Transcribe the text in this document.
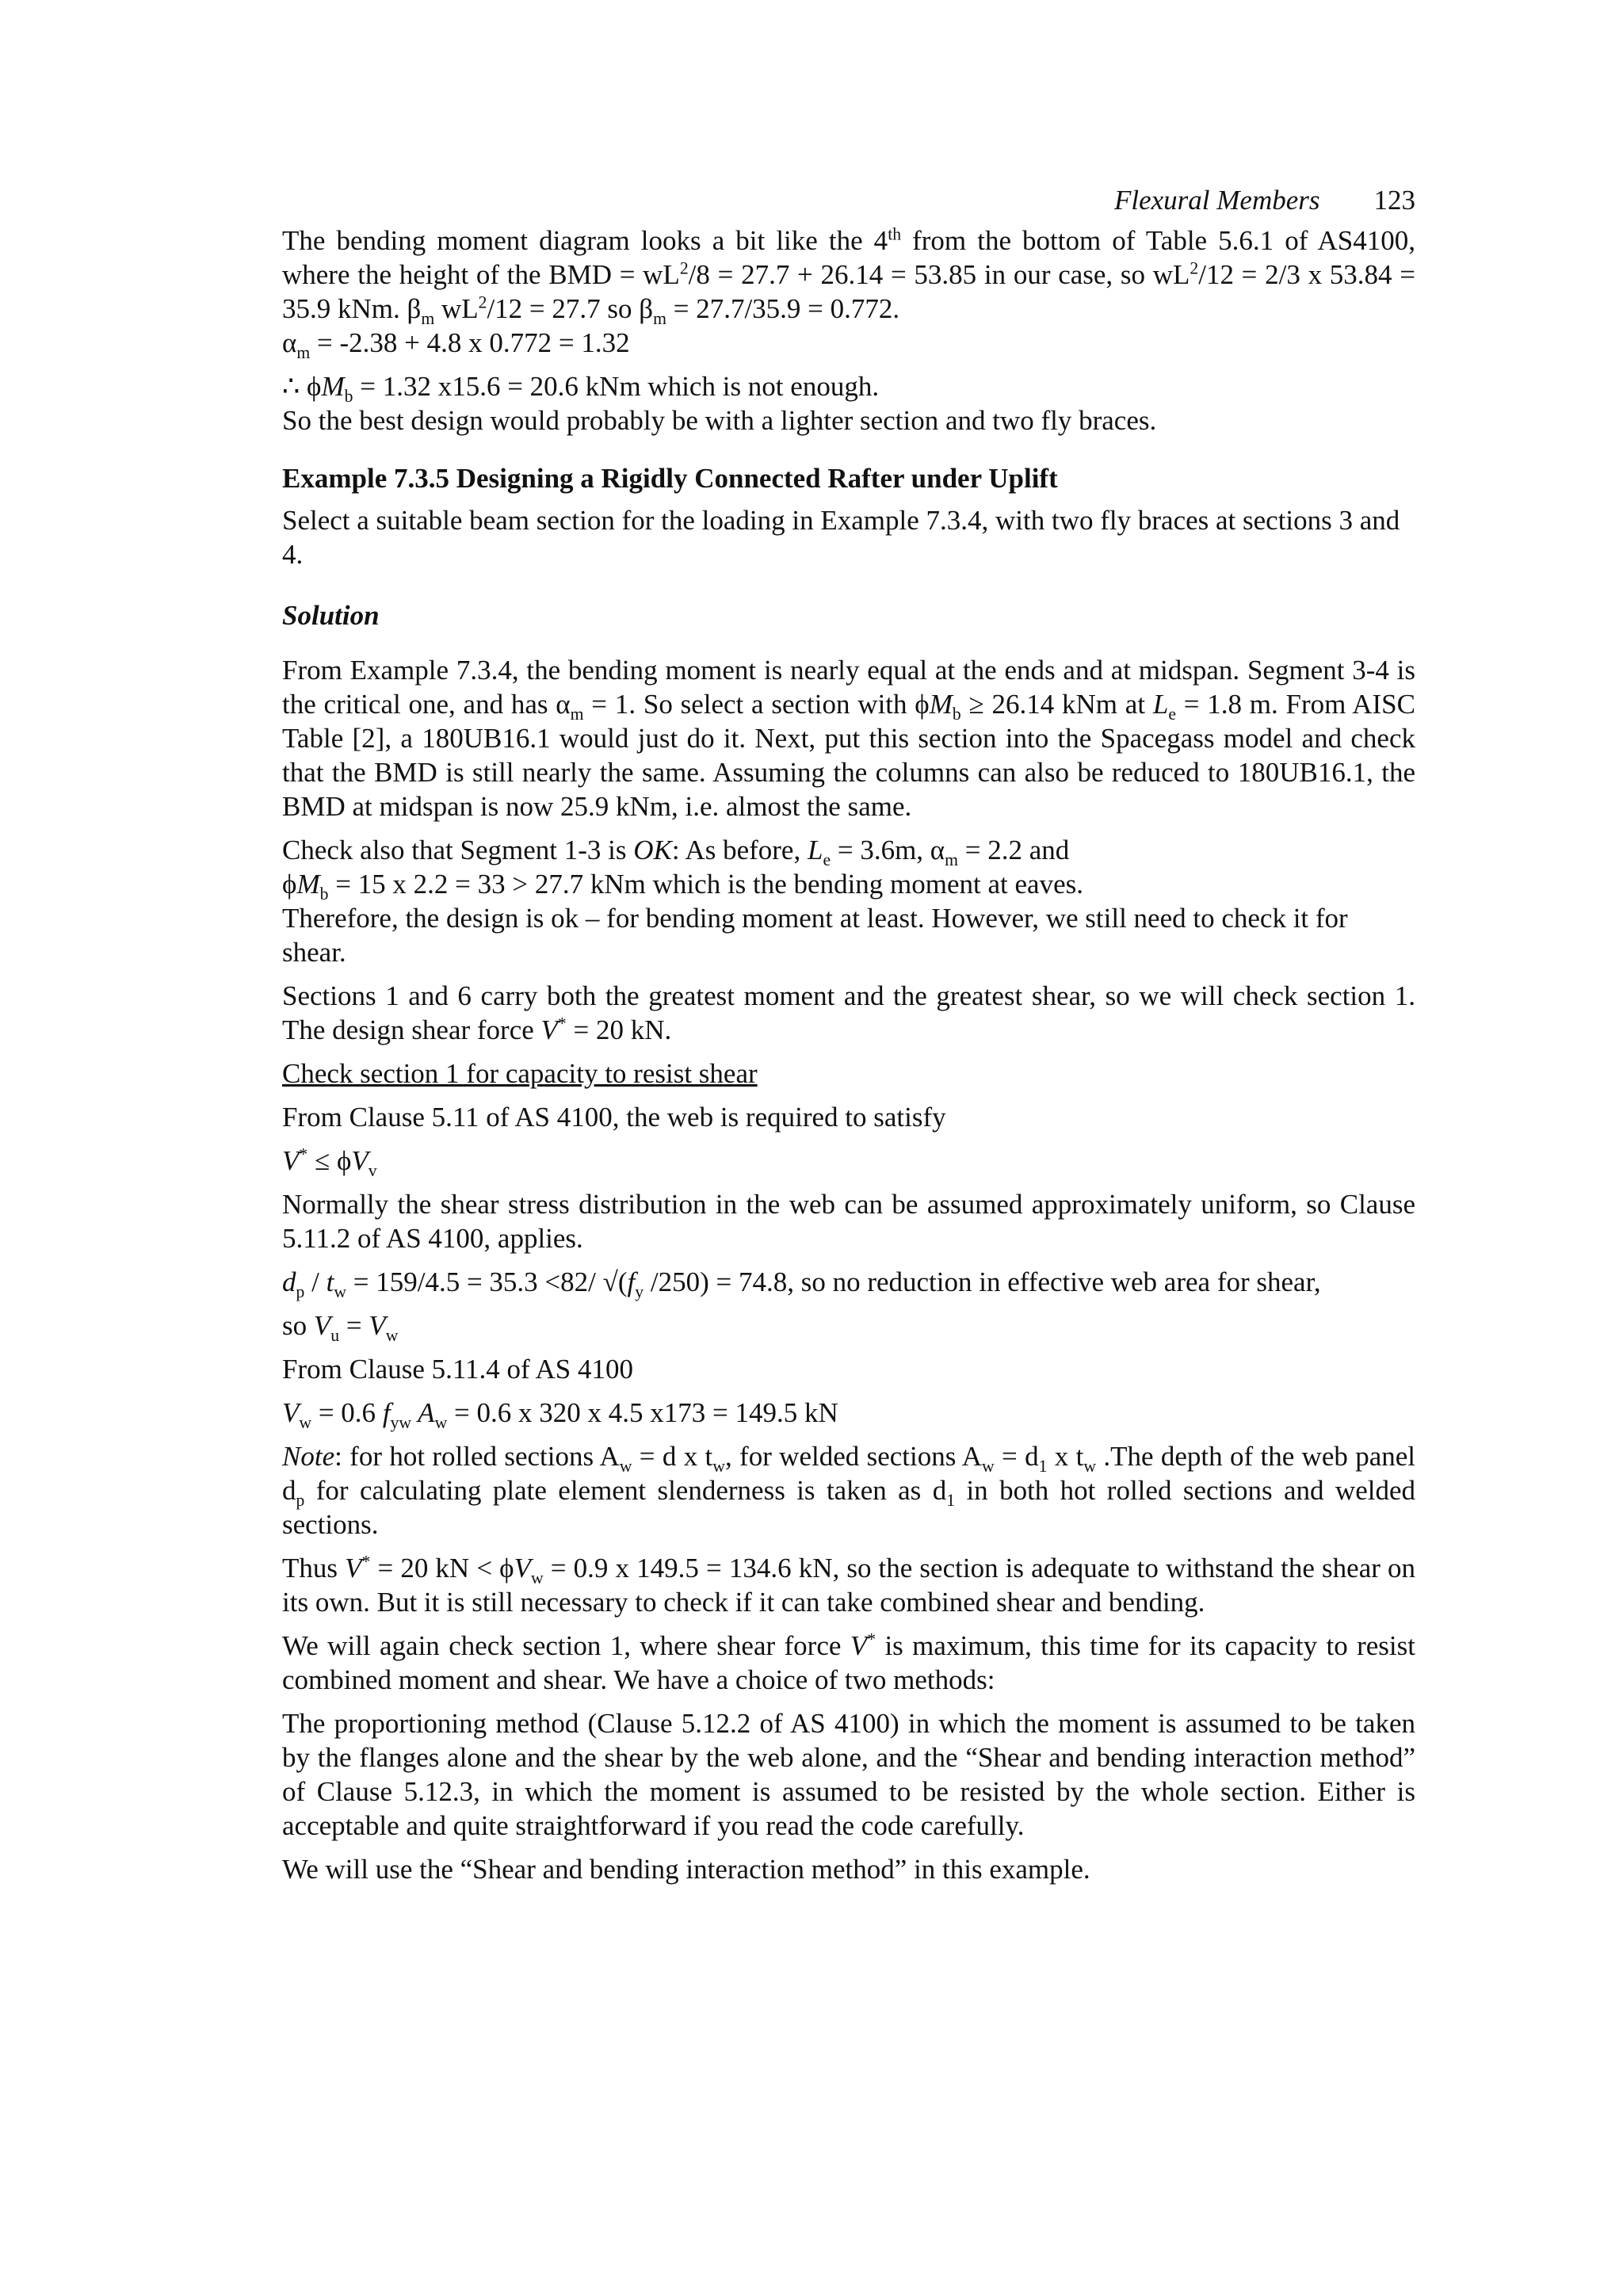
Flexural Members 123

The bending moment diagram looks a bit like the 4th from the bottom of Table 5.6.1 of AS4100, where the height of the BMD = $wL^2/8 = 27.7 + 26.14 = 53.85$ in our case, so $wL^2/12 = 2/3$ x 53.84 = 35.9 kNm. $\beta_m$ $wL^2/12 = 27.7$ so $\beta_m = 27.7/35.9 = 0.772$.
$\alpha_m = -2.38 + 4.8$ x 0.772 = 1.32

∴ $\phi M_b = 1.32$ x15.6 = 20.6 kNm which is not enough.
So the best design would probably be with a lighter section and two fly braces.

Example 7.3.5 Designing a Rigidly Connected Rafter under Uplift

Select a suitable beam section for the loading in Example 7.3.4, with two fly braces at sections 3 and 4.

Solution

From Example 7.3.4, the bending moment is nearly equal at the ends and at midspan. Segment 3-4 is the critical one, and has $\alpha_m = 1$. So select a section with $\phi M_b \ge 26.14$ kNm at $L_e = 1.8$ m. From AISC Table [2], a 180UB16.1 would just do it. Next, put this section into the Spacegass model and check that the BMD is still nearly the same. Assuming the columns can also be reduced to 180UB16.1, the BMD at midspan is now 25.9 kNm, i.e. almost the same.

Check also that Segment 1-3 is OK: As before, $L_e = 3.6m$, $\alpha_m = 2.2$ and
$\phi M_b = 15$ x 2.2 = 33 > 27.7 kNm which is the bending moment at eaves.
Therefore, the design is ok – for bending moment at least. However, we still need to check it for shear.

Sections 1 and 6 carry both the greatest moment and the greatest shear, so we will check section 1. The design shear force V* = 20 kN.

Check section 1 for capacity to resist shear

From Clause 5.11 of AS 4100, the web is required to satisfy

$V^* \le \phi V_v$

Normally the shear stress distribution in the web can be assumed approximately uniform, so Clause 5.11.2 of AS 4100, applies.

$d_p / t_w = 159/4.5 = 35.3 <82/$ $√(f_y$ /250) = 74.8, so no reduction in effective web area for shear,

so $V_u = V_w$

From Clause 5.11.4 of AS 4100

$V_w = 0.6$ $f_{yw}$ $A_w = 0.6$ x 320 x 4.5 x173 = 149.5 kN

Note: for hot rolled sections $A_w = d$ x $t_w$, for welded sections $A_w = d_1$ x $t_w$ .The depth of the web panel $d_p$ for calculating plate element slenderness is taken as $d_1$ in both hot rolled sections and welded sections.

Thus V* = 20 kN < $\phi V_w = 0.9$ x 149.5 = 134.6 kN, so the section is adequate to withstand the shear on its own. But it is still necessary to check if it can take combined shear and bending.

We will again check section 1, where shear force V* is maximum, this time for its capacity to resist combined moment and shear. We have a choice of two methods:

The proportioning method (Clause 5.12.2 of AS 4100) in which the moment is assumed to be taken by the flanges alone and the shear by the web alone, and the “Shear and bending interaction method” of Clause 5.12.3, in which the moment is assumed to be resisted by the whole section. Either is acceptable and quite straightforward if you read the code carefully.

We will use the “Shear and bending interaction method” in this example.
